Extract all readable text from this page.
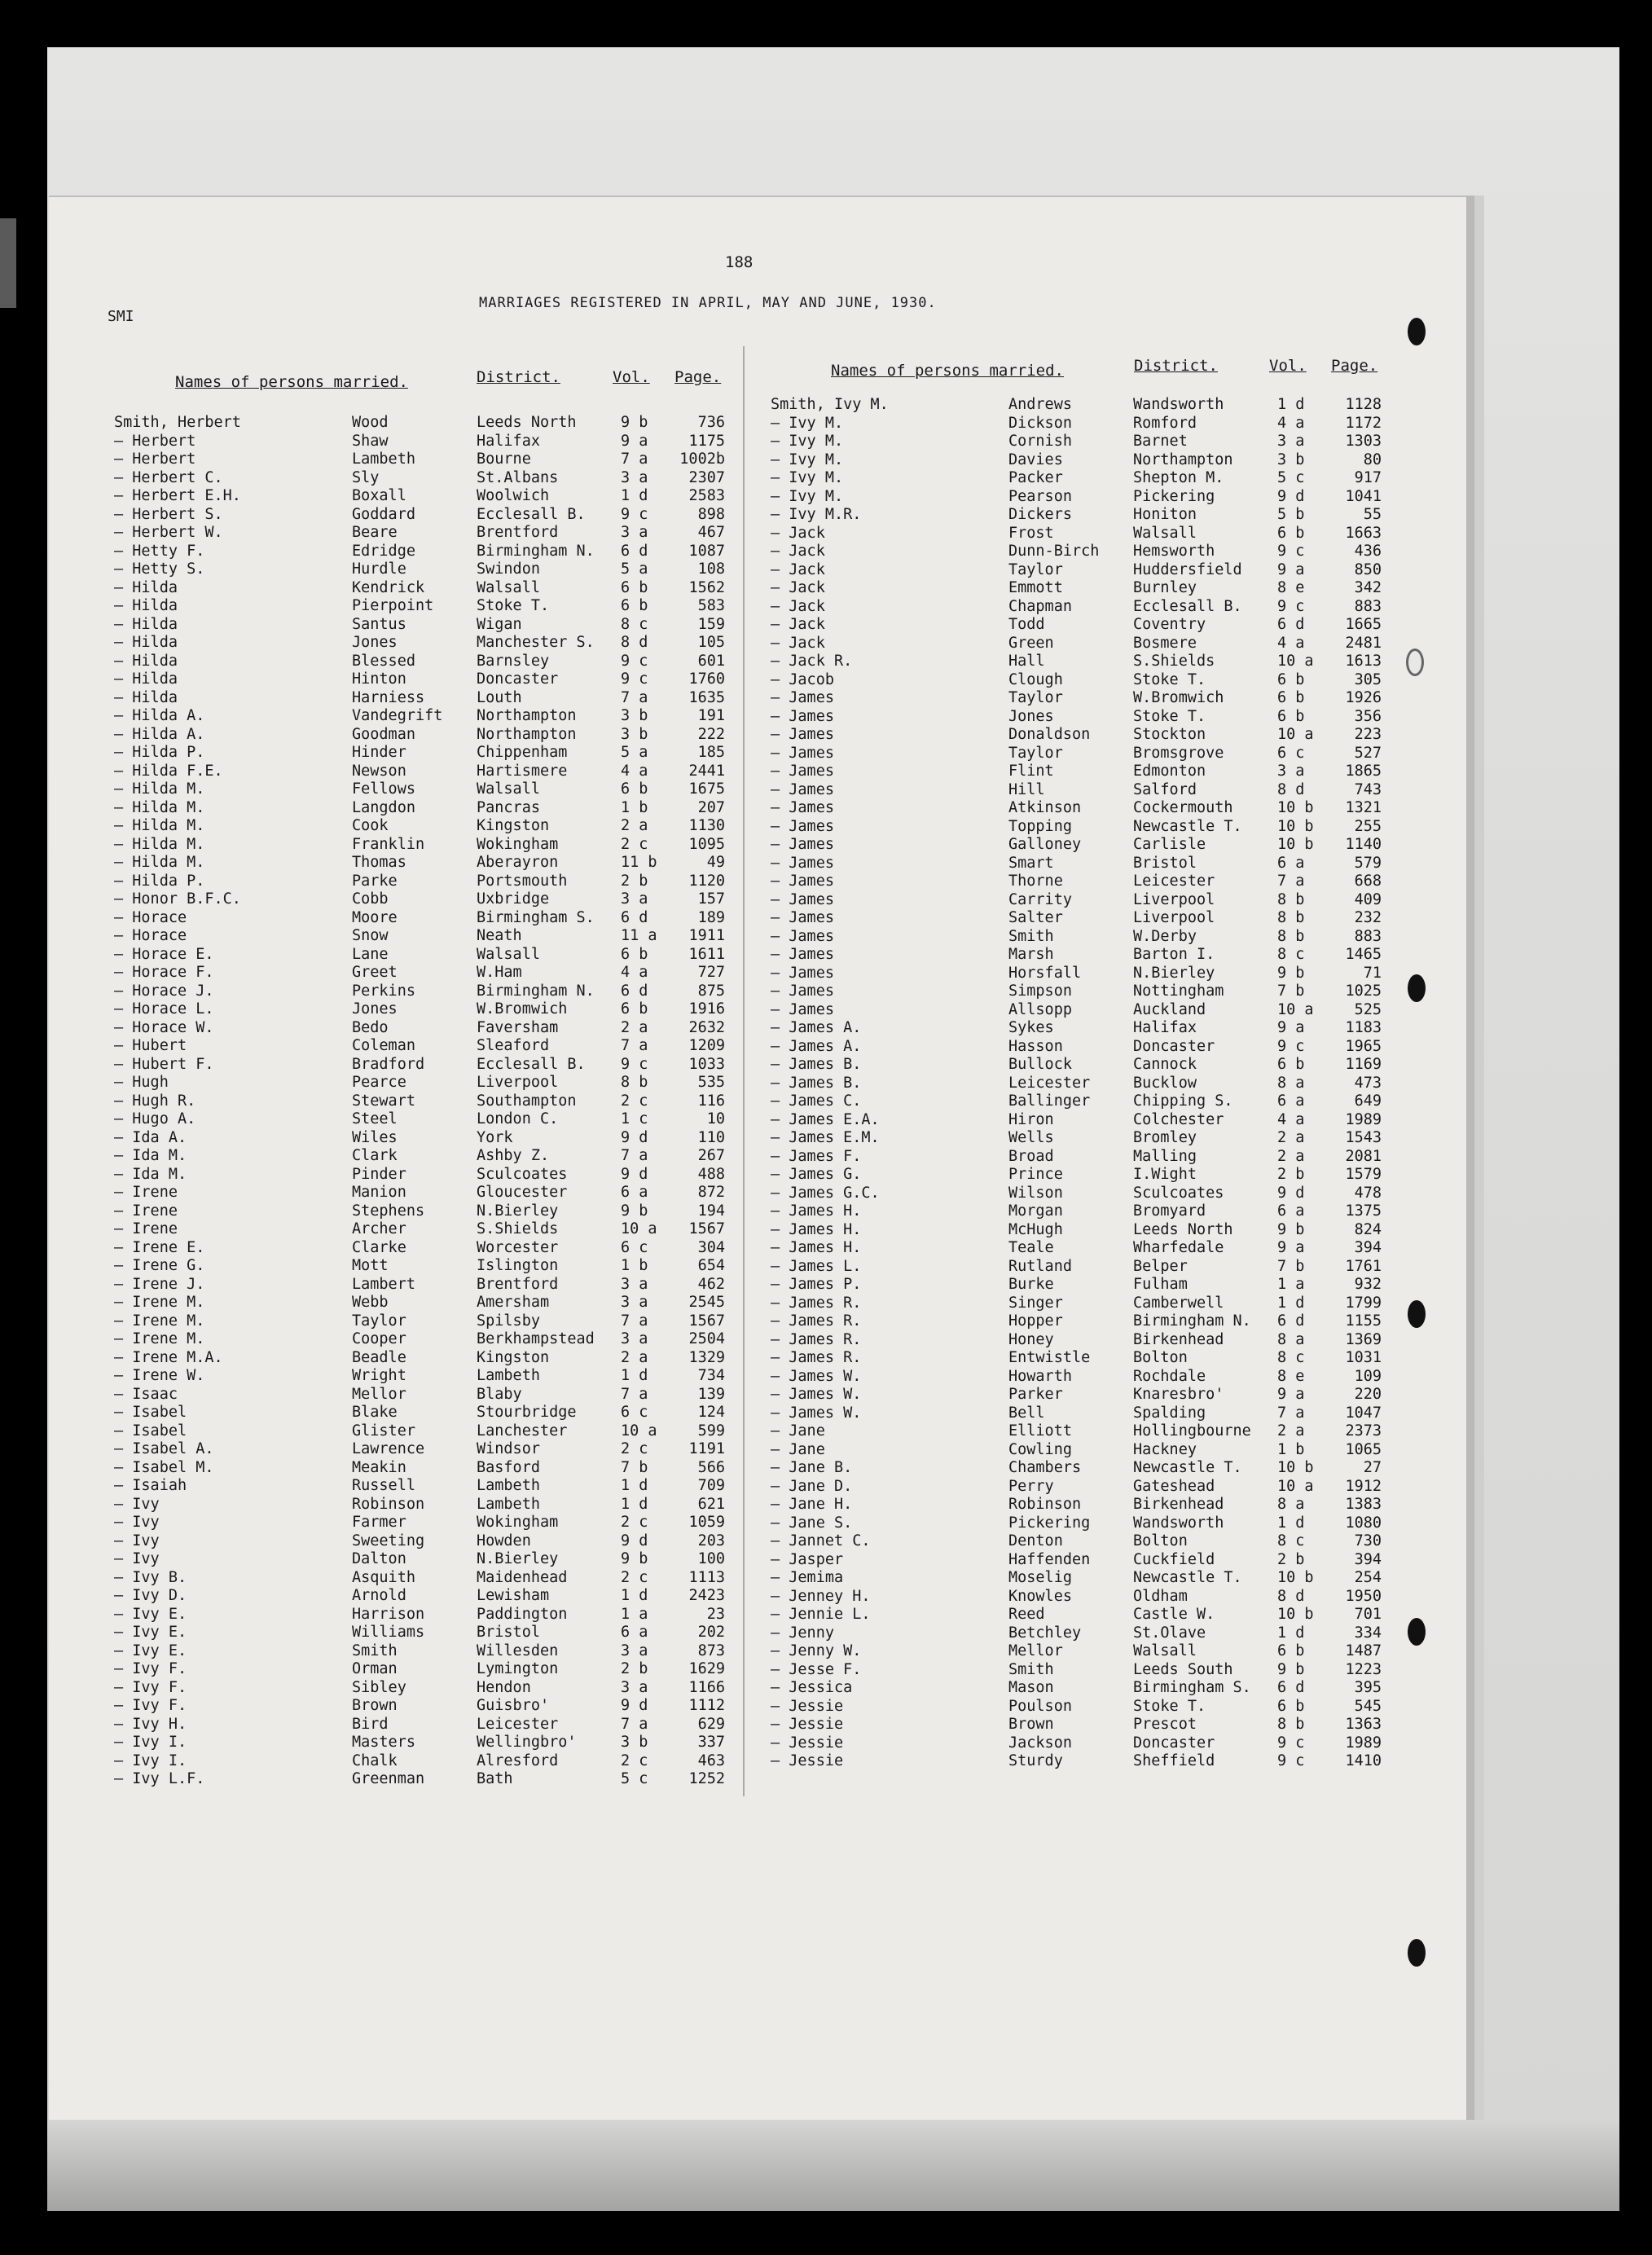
188
SMI
MARRIAGES REGISTERED IN APRIL, MAY AND JUNE, 1930.
Names of persons married.	District.	Vol. Page.	Names of persons married.	District.	Vol. Page.
Smith, Herbert	Wood	Leeds North	9 b	736
— Herbert	Shaw	Halifax	9 a	1175
— Herbert	Lambeth	Bourne	7 a	1002b
— Herbert C.	Sly	St.Albans	3 a	2307
— Herbert E.H.	Boxall	Woolwich	1 d	2583
— Herbert S.	Goddard	Ecclesall B. 9 c	898
— Herbert W.	Beare	Brentford	3 a	467
— Hetty F.	Edridge	Birmingham N. 6 d	1087
— Hetty S.	Hurdle	Swindon	5 a	108
— Hilda	Kendrick	Walsall	6 b	1562
— Hilda	Pierpoint	Stoke T.	6 b	583
— Hilda	Santus	Wigan	8 c	159
— Hilda	Jones	Manchester S. 8 d	105
— Hilda	Blessed	Barnsley	9 c	601
— Hilda	Hinton	Doncaster	9 c	1760
— Hilda	Harniess	Louth	7 a	1635
— Hilda A.	Vandegrift Northampton	3 b	191
— Hilda A.	Goodman	Northampton	3 b	222
— Hilda P.	Hinder	Chippenham	5 a	185
— Hilda F.E.	Newson	Hartismere	4 a	2441
— Hilda M.	Fellows	Walsall	6 b	1675
— Hilda M.	Langdon	Pancras	1 b	207
— Hilda M.	Cook	Kingston	2 a	1130
— Hilda M.	Franklin	Wokingham	2 c	1095
— Hilda M.	Thomas	Aberayron	11 b	49
— Hilda P.	Parke	Portsmouth	2 b	1120
— Honor B.F.C.	Cobb	Uxbridge	3 a	157
— Horace	Moore	Birmingham S. 6 d	189
— Horace	Snow	Neath	11 a	1911
— Horace E.	Lane	Walsall	6 b	1611
— Horace F.	Greet	W.Ham	4 a	727
— Horace J.	Perkins	Birmingham N. 6 d	875
— Horace L.	Jones	W.Bromwich	6 b	1916
— Horace W.	Bedo	Faversham	2 a	2632
— Hubert	Coleman	Sleaford	7 a	1209
— Hubert F.	Bradford	Ecclesall B. 9 c	1033
— Hugh	Pearce	Liverpool	8 b	535
— Hugh R.	Stewart	Southampton	2 c	116
— Hugo A.	Steel	London C.	1 c	10
— Ida A.	Wiles	York	9 d	110
— Ida M.	Clark	Ashby Z.	7 a	267
— Ida M.	Pinder	Sculcoates	9 d	488
— Irene	Manion	Gloucester	6 a	872
— Irene	Stephens	N.Bierley	9 b	194
— Irene	Archer	S.Shields	10 a	1567
— Irene E.	Clarke	Worcester	6 c	304
— Irene G.	Mott	Islington	1 b	654
— Irene J.	Lambert	Brentford	3 a	462
— Irene M.	Webb	Amersham	3 a	2545
— Irene M.	Taylor	Spilsby	7 a	1567
— Irene M.	Cooper	Berkhampstead 3 a	2504
— Irene M.A.	Beadle	Kingston	2 a	1329
— Irene W.	Wright	Lambeth	1 d	734
— Isaac	Mellor	Blaby	7 a	139
— Isabel	Blake	Stourbridge	6 c	124
— Isabel	Glister	Lanchester	10 a	599
— Isabel A.	Lawrence	Windsor	2 c	1191
— Isabel M.	Meakin	Basford	7 b	566
— Isaiah	Russell	Lambeth	1 d	709
— Ivy	Robinson	Lambeth	1 d	621
— Ivy	Farmer	Wokingham	2 c	1059
— Ivy	Sweeting	Howden	9 d	203
— Ivy	Dalton	N.Bierley	9 b	100
— Ivy B.	Asquith	Maidenhead	2 c	1113
— Ivy D.	Arnold	Lewisham	1 d	2423
— Ivy E.	Harrison	Paddington	1 a	23
— Ivy E.	Williams	Bristol	6 a	202
— Ivy E.	Smith	Willesden	3 a	873
— Ivy F.	Orman	Lymington	2 b	1629
— Ivy F.	Sibley	Hendon	3 a	1166
— Ivy F.	Brown	Guisbro'	9 d	1112
— Ivy H.	Bird	Leicester	7 a	629
— Ivy I.	Masters	Wellingbro'	3 b	337
— Ivy I.	Chalk	Alresford	2 c	463
— Ivy L.F.	Greenman	Bath	5 c	1252
Smith, Ivy M.	Andrews	Wandsworth	1 d	1128
— Ivy M.	Dickson	Romford	4 a	1172
— Ivy M.	Cornish	Barnet	3 a	1303
— Ivy M.	Davies	Northampton	3 b	80
— Ivy M.	Packer	Shepton M.	5 c	917
— Ivy M.	Pearson	Pickering	9 d	1041
— Ivy M.R.	Dickers	Honiton	5 b	55
— Jack	Frost	Walsall	6 b	1663
— Jack	Dunn-Birch Hemsworth	9 c	436
— Jack	Taylor	Huddersfield 9 a	850
— Jack	Emmott	Burnley	8 e	342
— Jack	Chapman	Ecclesall B. 9 c	883
— Jack	Todd	Coventry	6 d	1665
— Jack	Green	Bosmere	4 a	2481
— Jack R.	Hall	S.Shields	10 a	1613
— Jacob	Clough	Stoke T.	6 b	305
— James	Taylor	W.Bromwich	6 b	1926
— James	Jones	Stoke T.	6 b	356
— James	Donaldson	Stockton	10 a	223
— James	Taylor	Bromsgrove	6 c	527
— James	Flint	Edmonton	3 a	1865
— James	Hill	Salford	8 d	743
— James	Atkinson	Cockermouth	10 b	1321
— James	Topping	Newcastle T. 10 b	255
— James	Galloney	Carlisle	10 b	1140
— James	Smart	Bristol	6 a	579
— James	Thorne	Leicester	7 a	668
— James	Carrity	Liverpool	8 b	409
— James	Salter	Liverpool	8 b	232
— James	Smith	W.Derby	8 b	883
— James	Marsh	Barton I.	8 c	1465
— James	Horsfall	N.Bierley	9 b	71
— James	Simpson	Nottingham	7 b	1025
— James	Allsopp	Auckland	10 a	525
— James A.	Sykes	Halifax	9 a	1183
— James A.	Hasson	Doncaster	9 c	1965
— James B.	Bullock	Cannock	6 b	1169
— James B.	Leicester	Bucklow	8 a	473
— James C.	Ballinger	Chipping S.	6 a	649
— James E.A.	Hiron	Colchester	4 a	1989
— James E.M.	Wells	Bromley	2 a	1543
— James F.	Broad	Malling	2 a	2081
— James G.	Prince	I.Wight	2 b	1579
— James G.C.	Wilson	Sculcoates	9 d	478
— James H.	Morgan	Bromyard	6 a	1375
— James H.	McHugh	Leeds North	9 b	824
— James H.	Teale	Wharfedale	9 a	394
— James L.	Rutland	Belper	7 b	1761
— James P.	Burke	Fulham	1 a	932
— James R.	Singer	Camberwell	1 d	1799
— James R.	Hopper	Birmingham N. 6 d	1155
— James R.	Honey	Birkenhead	8 a	1369
— James R.	Entwistle	Bolton	8 c	1031
— James W.	Howarth	Rochdale	8 e	109
— James W.	Parker	Knaresbro'	9 a	220
— James W.	Bell	Spalding	7 a	1047
— Jane	Elliott	Hollingbourne 2 a	2373
— Jane	Cowling	Hackney	1 b	1065
— Jane B.	Chambers	Newcastle T. 10 b	27
— Jane D.	Perry	Gateshead	10 a	1912
— Jane H.	Robinson	Birkenhead	8 a	1383
— Jane S.	Pickering	Wandsworth	1 d	1080
— Jannet C.	Denton	Bolton	8 c	730
— Jasper	Haffenden	Cuckfield	2 b	394
— Jemima	Moselig	Newcastle T. 10 b	254
— Jenney H.	Knowles	Oldham	8 d	1950
— Jennie L.	Reed	Castle W.	10 b	701
— Jenny	Betchley	St.Olave	1 d	334
— Jenny W.	Mellor	Walsall	6 b	1487
— Jesse F.	Smith	Leeds South	9 b	1223
— Jessica	Mason	Birmingham S. 6 d	395
— Jessie	Poulson	Stoke T.	6 b	545
— Jessie	Brown	Prescot	8 b	1363
— Jessie	Jackson	Doncaster	9 c	1989
— Jessie	Sturdy	Sheffield	9 c	1410
